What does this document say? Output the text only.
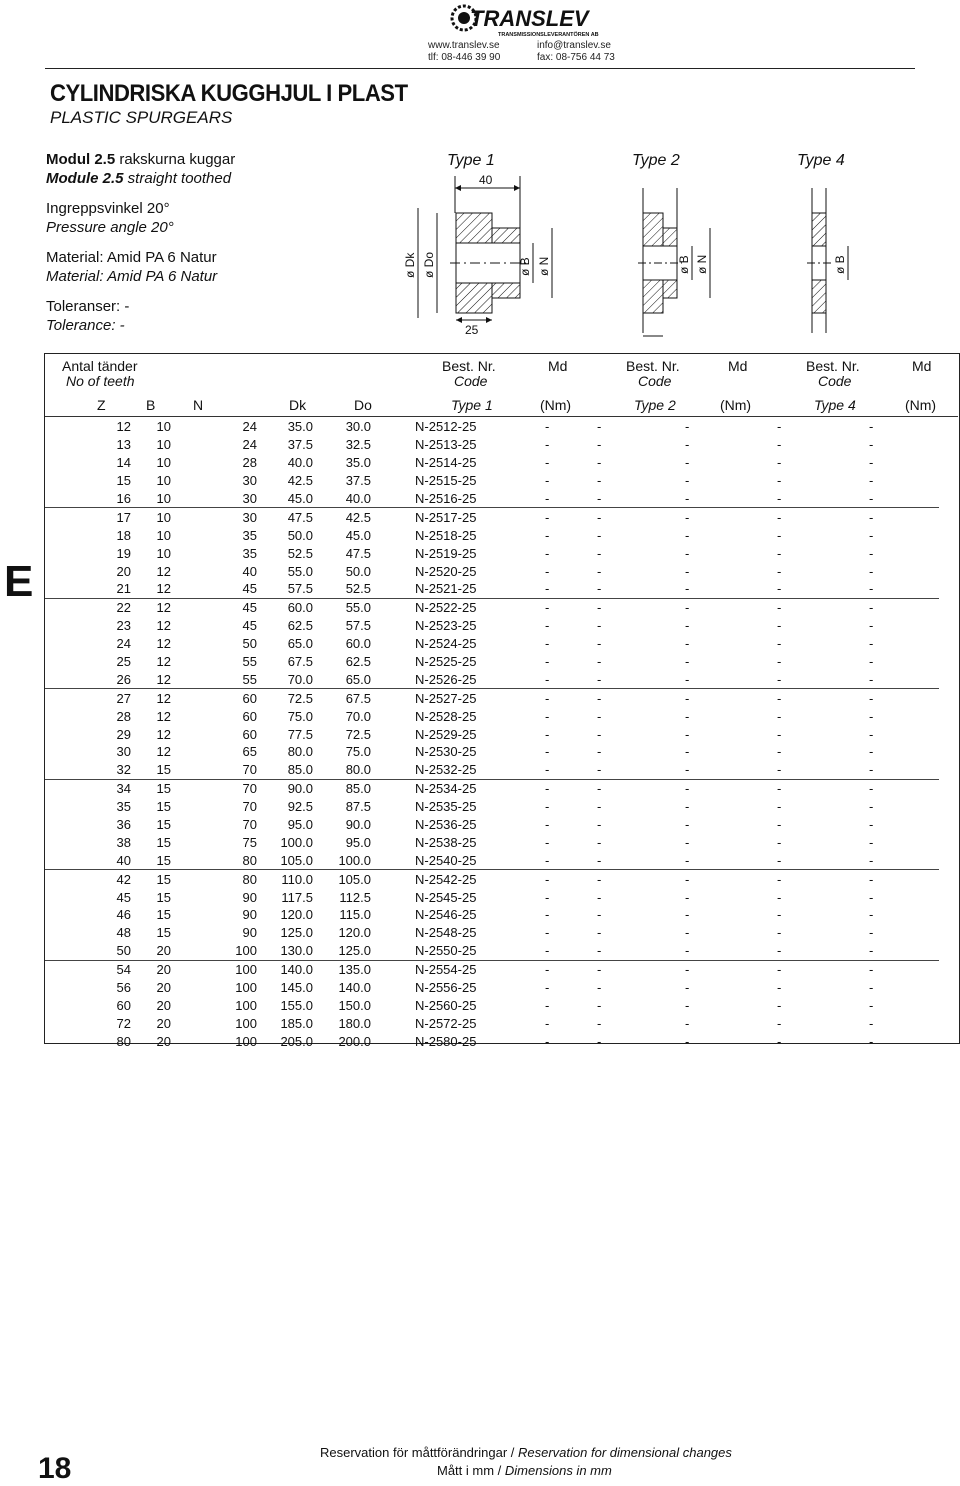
TRANSLEV
TRANSMISSIONSLEVERANTÖREN AB
www.translev.se
tlf: 08-446 39 90
info@translev.se
fax: 08-756 44 73
CYLINDRISKA KUGGHJUL I PLAST
PLASTIC SPURGEARS
Modul 2.5 rakskurna kuggar
Module 2.5 straight toothed
Ingreppsvinkel 20°
Pressure angle 20°
Material: Amid PA 6 Natur
Material: Amid PA 6 Natur
Toleranser: -
Tolerance: -
Type 1	Type 2	Type 4
40
25
ø Dk ø Do	ø B ø N	ø B ø N	ø B
E
Antal tänder
No of teeth
Best. Nr.
Code
Md	Best. Nr.
Code
Md	Best. Nr.
Code
Md
Z	B	N	Dk	Do	Type 1	(Nm)	Type 2	(Nm)	Type 4	(Nm)
	12	10	24	35.0	30.0	N-2512-25	-	-	-	-	-
	13	10	24	37.5	32.5	N-2513-25	-	-	-	-	-
	14	10	28	40.0	35.0	N-2514-25	-	-	-	-	-
	15	10	30	42.5	37.5	N-2515-25	-	-	-	-	-
	16	10	30	45.0	40.0	N-2516-25	-	-	-	-	-
	17	10	30	47.5	42.5	N-2517-25	-	-	-	-	-
	18	10	35	50.0	45.0	N-2518-25	-	-	-	-	-
	19	10	35	52.5	47.5	N-2519-25	-	-	-	-	-
	20	12	40	55.0	50.0	N-2520-25	-	-	-	-	-
	21	12	45	57.5	52.5	N-2521-25	-	-	-	-	-
	22	12	45	60.0	55.0	N-2522-25	-	-	-	-	-
	23	12	45	62.5	57.5	N-2523-25	-	-	-	-	-
	24	12	50	65.0	60.0	N-2524-25	-	-	-	-	-
	25	12	55	67.5	62.5	N-2525-25	-	-	-	-	-
	26	12	55	70.0	65.0	N-2526-25	-	-	-	-	-
	27	12	60	72.5	67.5	N-2527-25	-	-	-	-	-
	28	12	60	75.0	70.0	N-2528-25	-	-	-	-	-
	29	12	60	77.5	72.5	N-2529-25	-	-	-	-	-
	30	12	65	80.0	75.0	N-2530-25	-	-	-	-	-
	32	15	70	85.0	80.0	N-2532-25	-	-	-	-	-
	34	15	70	90.0	85.0	N-2534-25	-	-	-	-	-
	35	15	70	92.5	87.5	N-2535-25	-	-	-	-	-
	36	15	70	95.0	90.0	N-2536-25	-	-	-	-	-
	38	15	75	100.0	95.0	N-2538-25	-	-	-	-	-
	40	15	80	105.0	100.0	N-2540-25	-	-	-	-	-
	42	15	80	110.0	105.0	N-2542-25	-	-	-	-	-
	45	15	90	117.5	112.5	N-2545-25	-	-	-	-	-
	46	15	90	120.0	115.0	N-2546-25	-	-	-	-	-
	48	15	90	125.0	120.0	N-2548-25	-	-	-	-	-
	50	20	100	130.0	125.0	N-2550-25	-	-	-	-	-
	54	20	100	140.0	135.0	N-2554-25	-	-	-	-	-
	56	20	100	145.0	140.0	N-2556-25	-	-	-	-	-
	60	20	100	155.0	150.0	N-2560-25	-	-	-	-	-
	72	20	100	185.0	180.0	N-2572-25	-	-	-	-	-
	80	20	100	205.0	200.0	N-2580-25	-	-	-	-	-
18	Reservation för måttförändringar / Reservation for dimensional changes
Mått i mm / Dimensions in mm
